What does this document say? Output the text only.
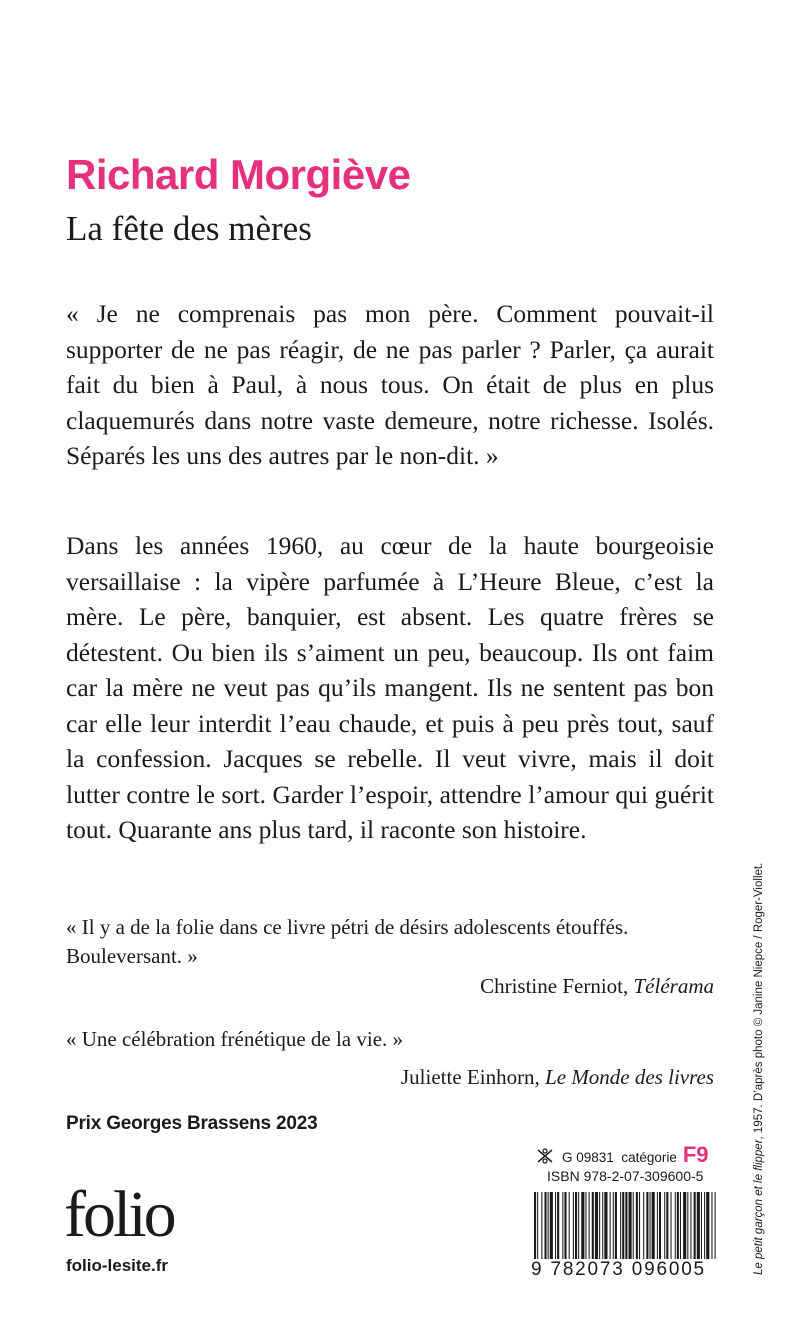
Richard Morgiève
La fête des mères

« Je ne comprenais pas mon père. Comment pouvait-il supporter de ne pas réagir, de ne pas parler ? Parler, ça aurait fait du bien à Paul, à nous tous. On était de plus en plus claquemurés dans notre vaste demeure, notre richesse. Isolés. Séparés les uns des autres par le non-dit. »

Dans les années 1960, au cœur de la haute bourgeoisie versaillaise : la vipère parfumée à L’Heure Bleue, c’est la mère. Le père, banquier, est absent. Les quatre frères se détestent. Ou bien ils s’aiment un peu, beaucoup. Ils ont faim car la mère ne veut pas qu’ils mangent. Ils ne sentent pas bon car elle leur interdit l’eau chaude, et puis à peu près tout, sauf la confession. Jacques se rebelle. Il veut vivre, mais il doit lutter contre le sort. Garder l’espoir, attendre l’amour qui guérit tout. Quarante ans plus tard, il raconte son histoire.

« Il y a de la folie dans ce livre pétri de désirs adolescents étouffés. Bouleversant. »

Christine Ferniot, Télérama

« Une célébration frénétique de la vie. »

Juliette Einhorn, Le Monde des livres

Prix Georges Brassens 2023

folio

folio-lesite.fr

G 09831
catégorie F9

ISBN 978-2-07-309600-5

9 782073 096005	Le petit garçon et le flipper, 1957. D’après photo © Janine Niepce / Roger-Viollet.
